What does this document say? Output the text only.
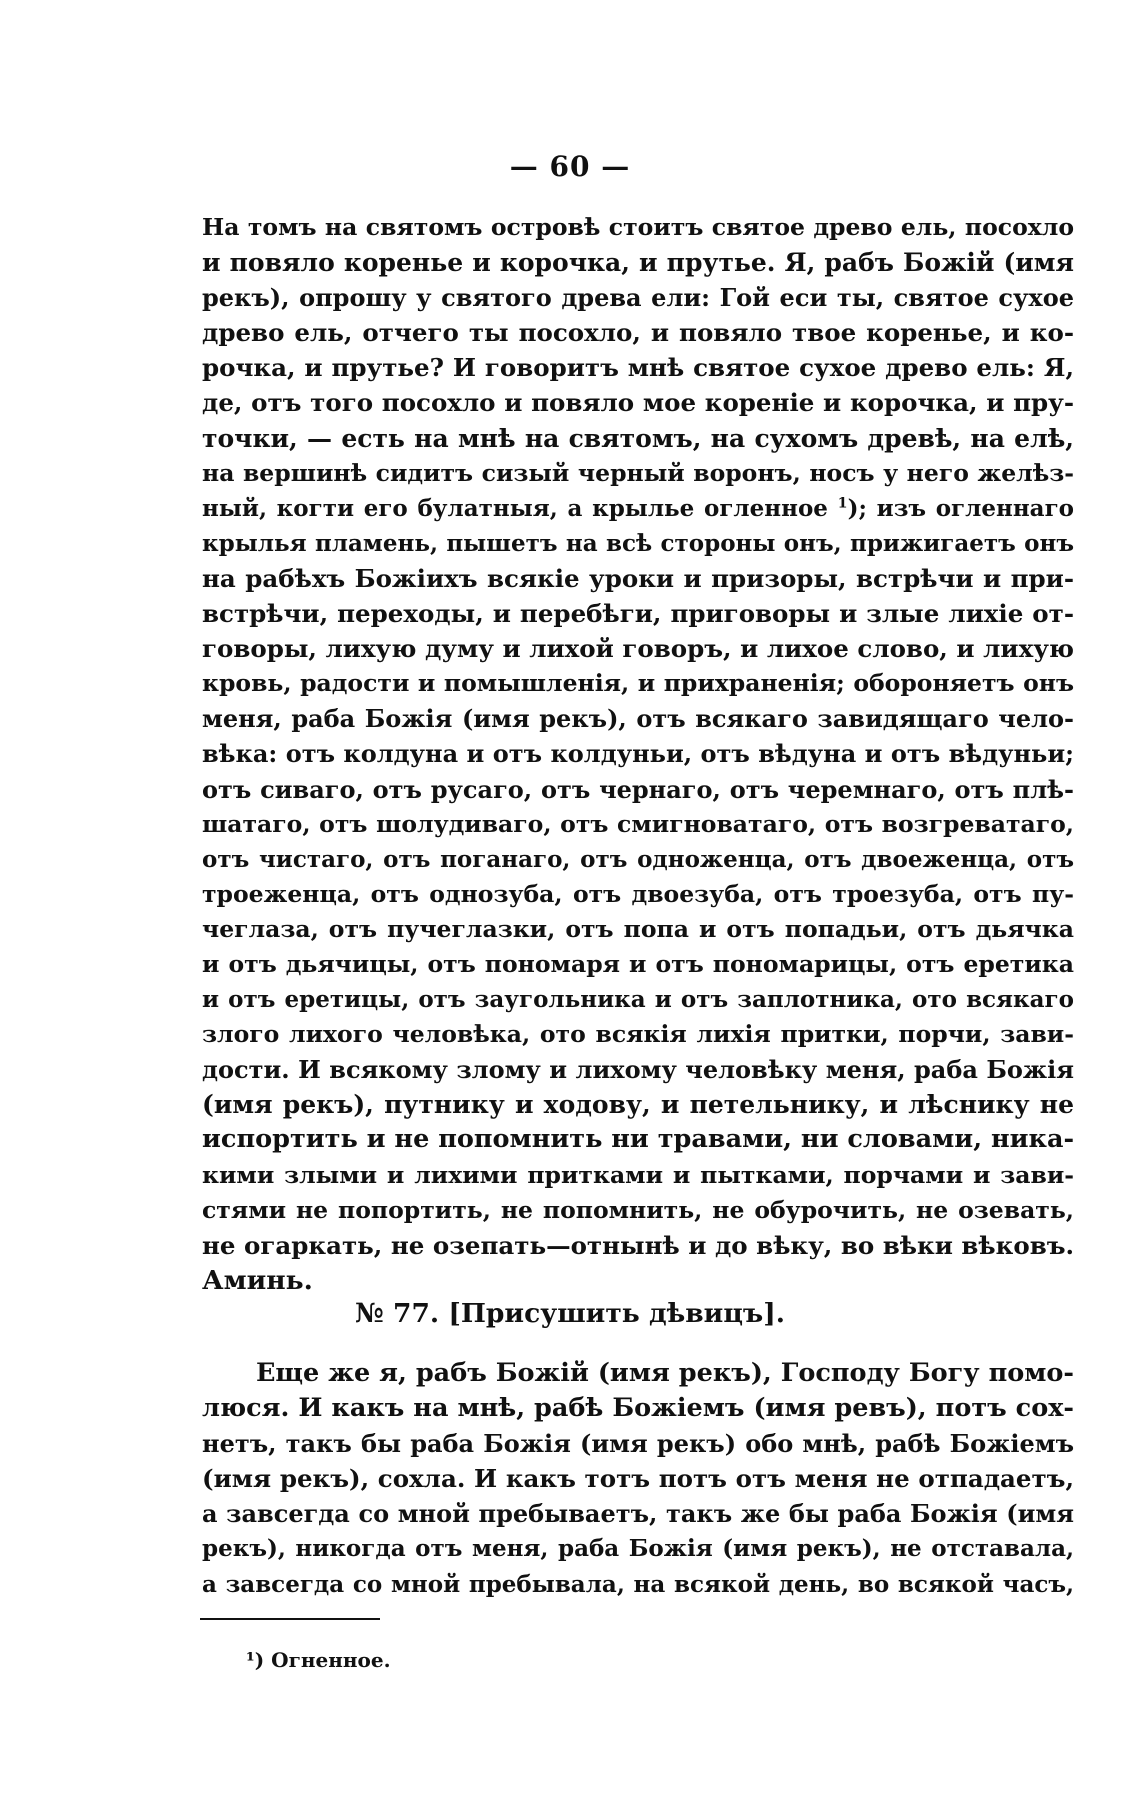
— 60 —
На томъ на святомъ островѣ стоитъ святое древо ель, посохло
и повяло коренье и корочка, и прутье. Я, рабъ Божій (имя
рекъ), опрошу у святого древа ели: Гой еси ты, святое сухое
древо ель, отчего ты посохло, и повяло твое коренье, и ко-
рочка, и прутье? И говоритъ мнѣ святое сухое древо ель: Я,
де, отъ того посохло и повяло мое кореніе и корочка, и пру-
точки, — есть на мнѣ на святомъ, на сухомъ древѣ, на елѣ,
на вершинѣ сидитъ сизый черный воронъ, носъ у него желѣз-
ный, когти его булатныя, а крылье огленное $^1$); изъ огленнаго
крылья пламень, пышетъ на всѣ стороны онъ, прижигаетъ онъ
на рабѣхъ Божіихъ всякіе уроки и призоры, встрѣчи и при-
встрѣчи, переходы, и перебѣги, приговоры и злые лихіе от-
говоры, лихую думу и лихой говоръ, и лихое слово, и лихую
кровь, радости и помышленія, и прихраненія; обороняетъ онъ
меня, раба Божія (имя рекъ), отъ всякаго завидящаго чело-
вѣка: отъ колдуна и отъ колдуньи, отъ вѣдуна и отъ вѣдуньи;
отъ сиваго, отъ русаго, отъ чернаго, отъ черемнаго, отъ плѣ-
шатаго, отъ шолудиваго, отъ смигноватаго, отъ возгреватаго,
отъ чистаго, отъ поганаго, отъ одноженца, отъ двоеженца, отъ
троеженца, отъ однозуба, отъ двоезуба, отъ троезуба, отъ пу-
чеглаза, отъ пучеглазки, отъ попа и отъ попадьи, отъ дьячка
и отъ дьячицы, отъ пономаря и отъ пономарицы, отъ еретика
и отъ еретицы, отъ заугольника и отъ заплотника, ото всякаго
злого лихого человѣка, ото всякія лихія притки, порчи, зави-
дости. И всякому злому и лихому человѣку меня, раба Божія
(имя рекъ), путнику и ходову, и петельнику, и лѣснику не
испортить и не попомнить ни травами, ни словами, ника-
кими злыми и лихими притками и пытками, порчами и зави-
стями не попортить, не попомнить, не обурочить, не озевать,
не огаркать, не озепать—отнынѣ и до вѣку, во вѣки вѣковъ.
Аминь.
№ 77. [Присушить дѣвицъ].
Еще же я, рабъ Божій (имя рекъ), Господу Богу помо-
люся. И какъ на мнѣ, рабѣ Божіемъ (имя ревъ), потъ сох-
нетъ, такъ бы раба Божія (имя рекъ) обо мнѣ, рабѣ Божіемъ
(имя рекъ), сохла. И какъ тотъ потъ отъ меня не отпадаетъ,
а завсегда со мной пребываетъ, такъ же бы раба Божія (имя
рекъ), никогда отъ меня, раба Божія (имя рекъ), не отставала,
а завсегда со мной пребывала, на всякой день, во всякой часъ,
¹) Огненное.
